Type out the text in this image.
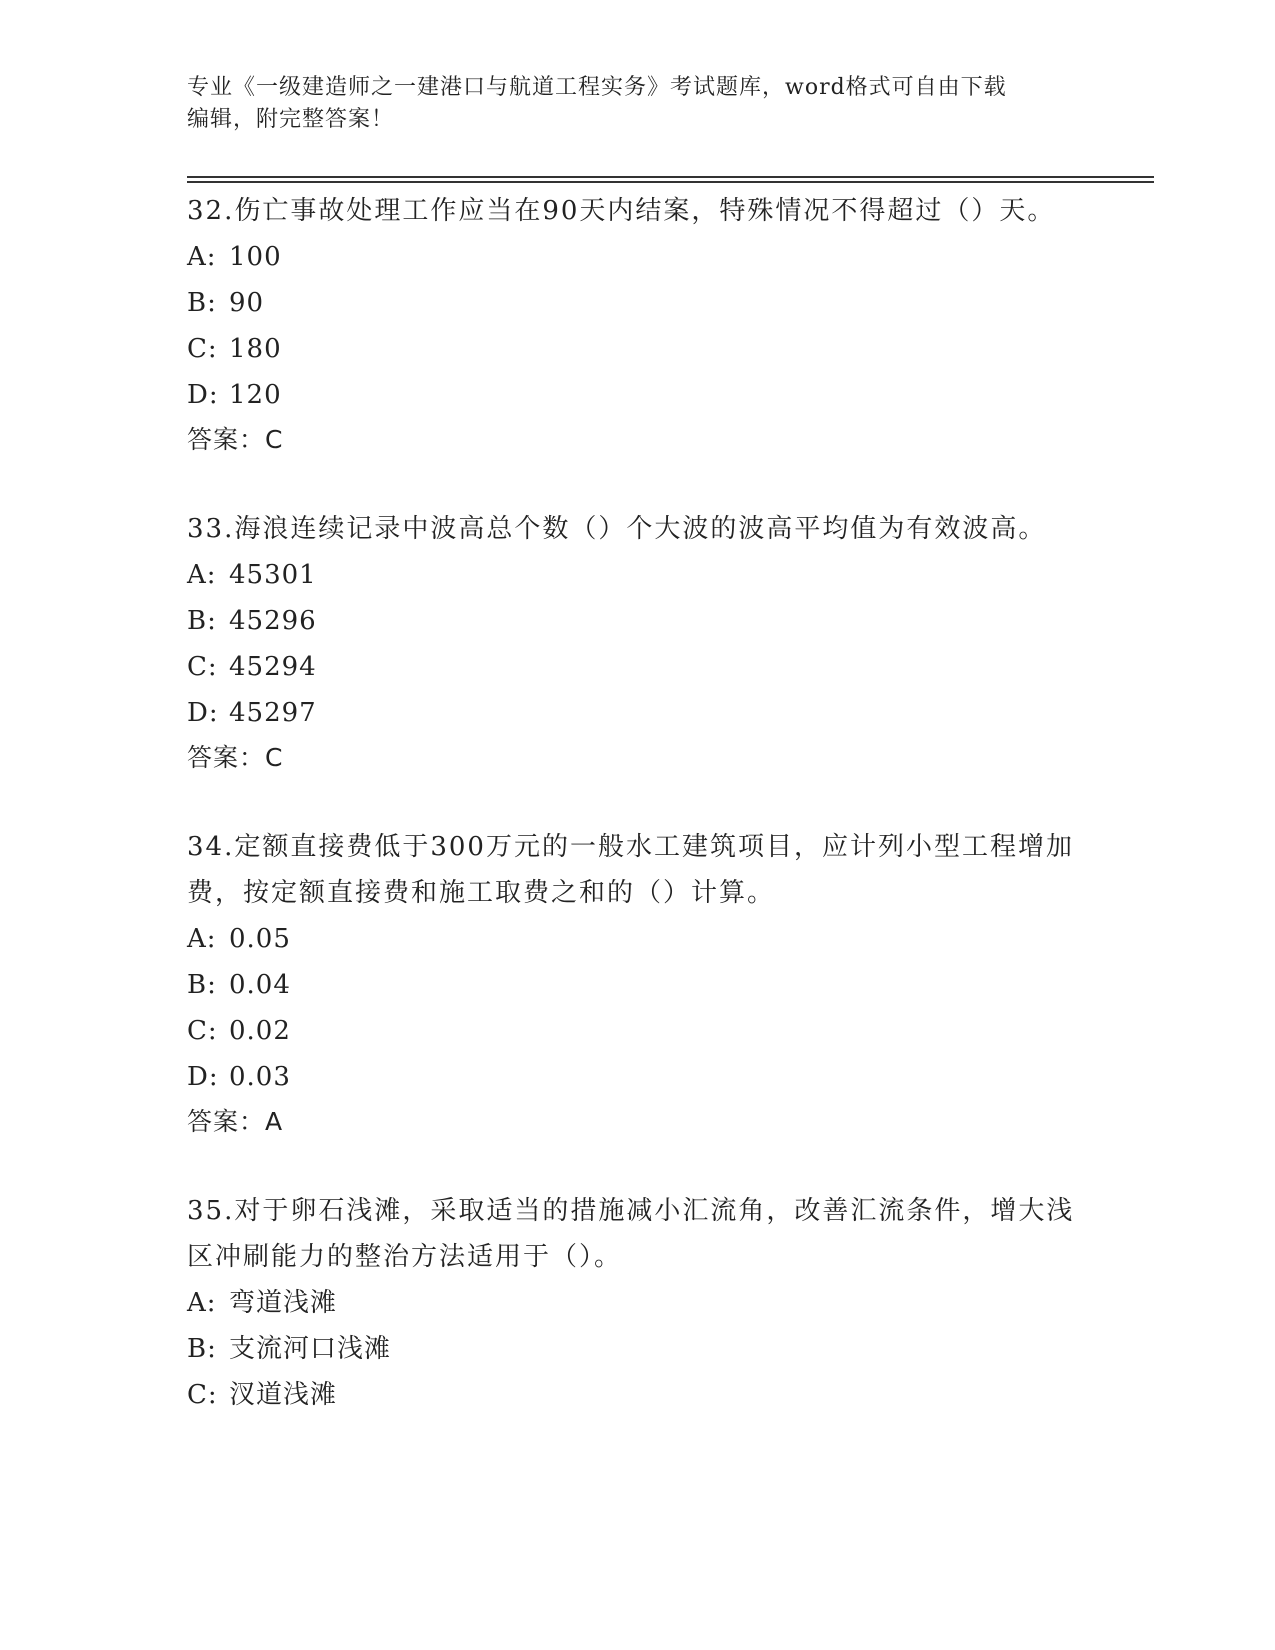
专业《一级建造师之一建港口与航道工程实务》考试题库，word格式可自由下载
编辑，附完整答案！

32.伤亡事故处理工作应当在90天内结案，特殊情况不得超过（）天。

A: 100
B: 90
C: 180
D: 120
答案：C

33.海浪连续记录中波高总个数（）个大波的波高平均值为有效波高。

A: 45301
B: 45296
C: 45294
D: 45297
答案：C

34.定额直接费低于300万元的一般水工建筑项目，应计列小型工程增加费，按定额直接费和施工取费之和的（）计算。

A: 0.05
B: 0.04
C: 0.02
D: 0.03
答案：A

35.对于卵石浅滩，采取适当的措施减小汇流角，改善汇流条件，增大浅区冲刷能力的整治方法适用于（）。

A: 弯道浅滩
B: 支流河口浅滩
C: 汊道浅滩
